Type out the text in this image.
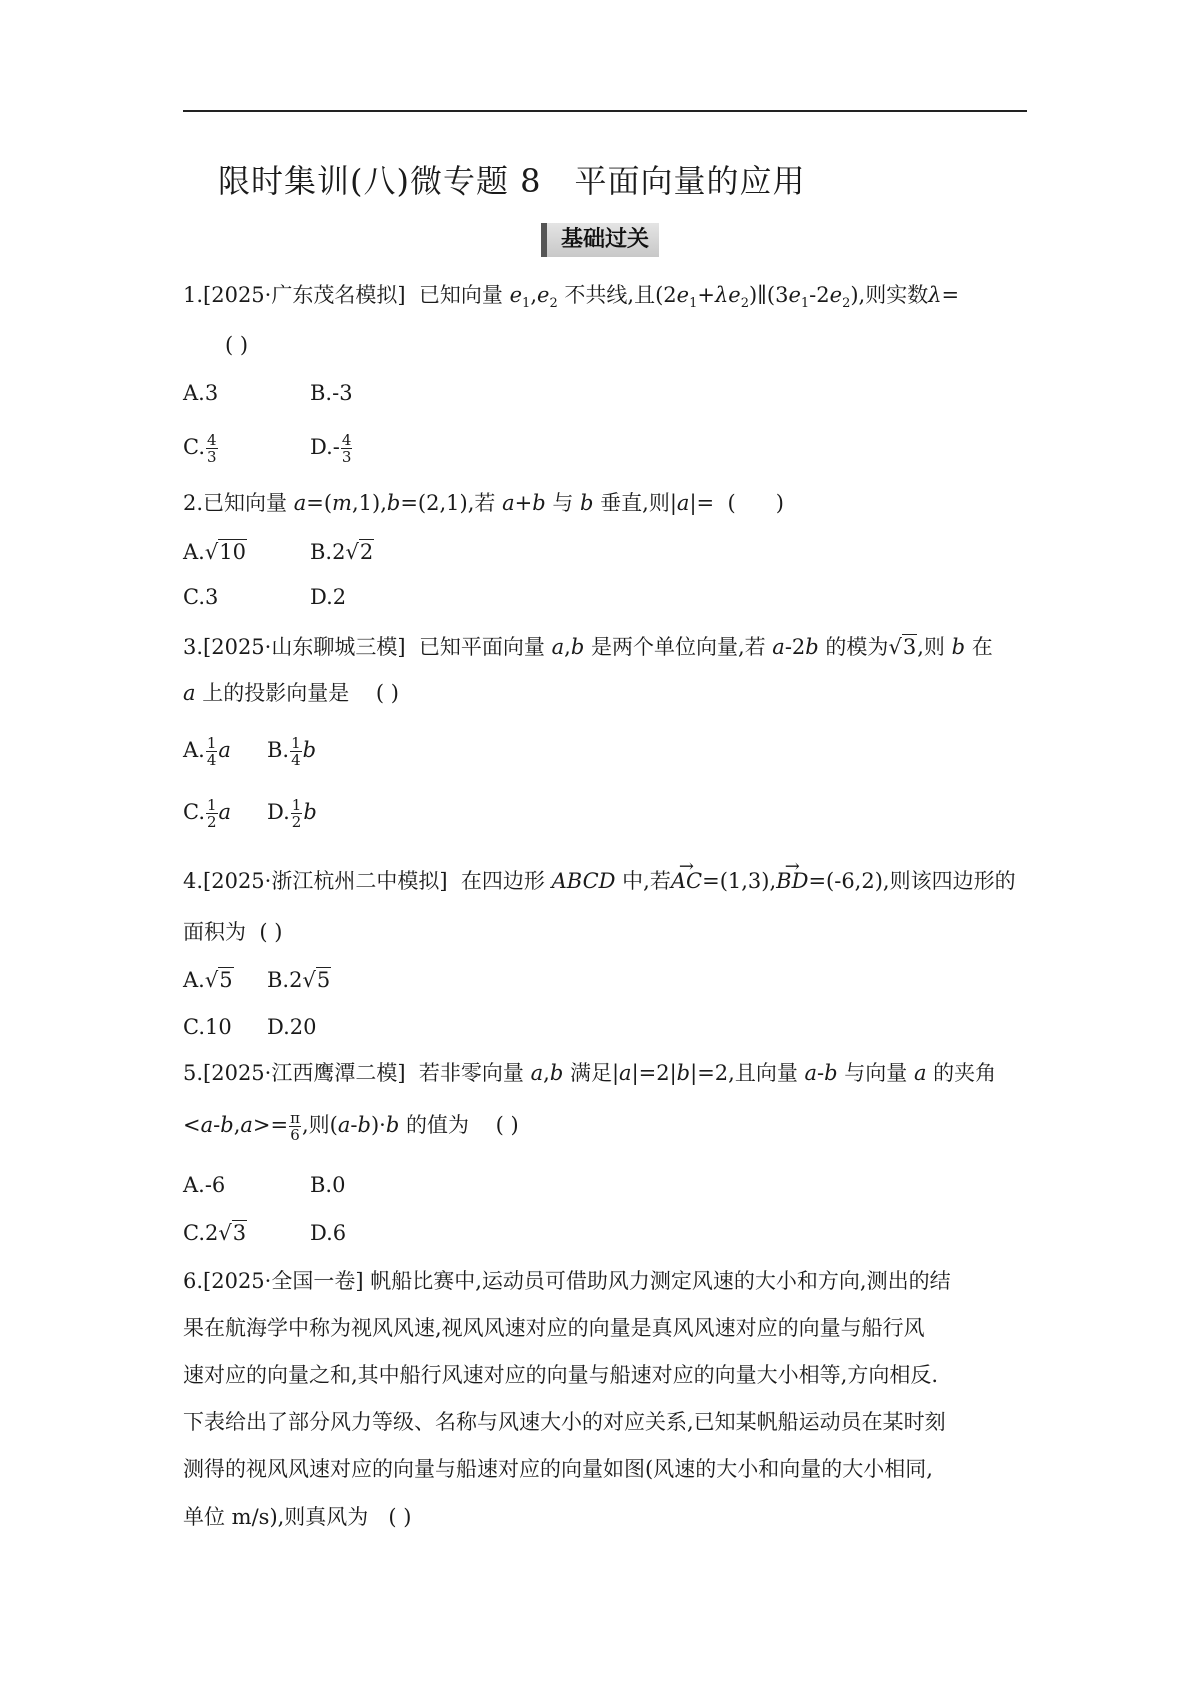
限时集训(八)微专题 8　平面向量的应用
基础过关
1.[2025·广东茂名模拟] 已知向量 $e_1,e_2$ 不共线,且$(2e_1+\lambda e_2)\parallel(3e_1-2e_2)$,则实数λ=
( )
A.3	B.-3
C. $\frac{4}{3}$	$D.- \frac{4}{3}$
2.已知向量 a=(m,1),b=(2,1),若 a+b 与 b 垂直,则|a|=  (      )
A.√10	B.2√2
C.3	D.2
3.[2025·山东聊城三模] 已知平面向量 a,b 是两个单位向量,若 a-2b 的模为√3,则 b 在
a 上的投影向量是 ( )
A. $\frac{1}{4}$ a B. $\frac{1}{4}$ b
C. $\frac{1}{2}$ a D. $\frac{1}{2}$ b
4.[2025·浙江杭州二中模拟] 在四边形 ABCD 中,若→ AC=(1,3),→ BD=(-6,2),则该四边形的
面积为 ( )
A.√5 B.2√5
C.10 D.20
5.[2025·江西鹰潭二模] 若非零向量 a,b 满足|a|=2|b|=2,且向量 a-b 与向量 a 的夹角
$<a-b,a>= \frac{\pi}{6}$ ,则(a-b)·b 的值为 ( )
A.-6	B.0
C.2√3	D.6
6.[2025·全国一卷] 帆船比赛中,运动员可借助风力测定风速的大小和方向,测出的结
果在航海学中称为视风风速,视风风速对应的向量是真风风速对应的向量与船行风
速对应的向量之和,其中船行风速对应的向量与船速对应的向量大小相等,方向相反.
下表给出了部分风力等级、名称与风速大小的对应关系,已知某帆船运动员在某时刻
测得的视风风速对应的向量与船速对应的向量如图(风速的大小和向量的大小相同,
单位 m/s),则真风为 ( )
